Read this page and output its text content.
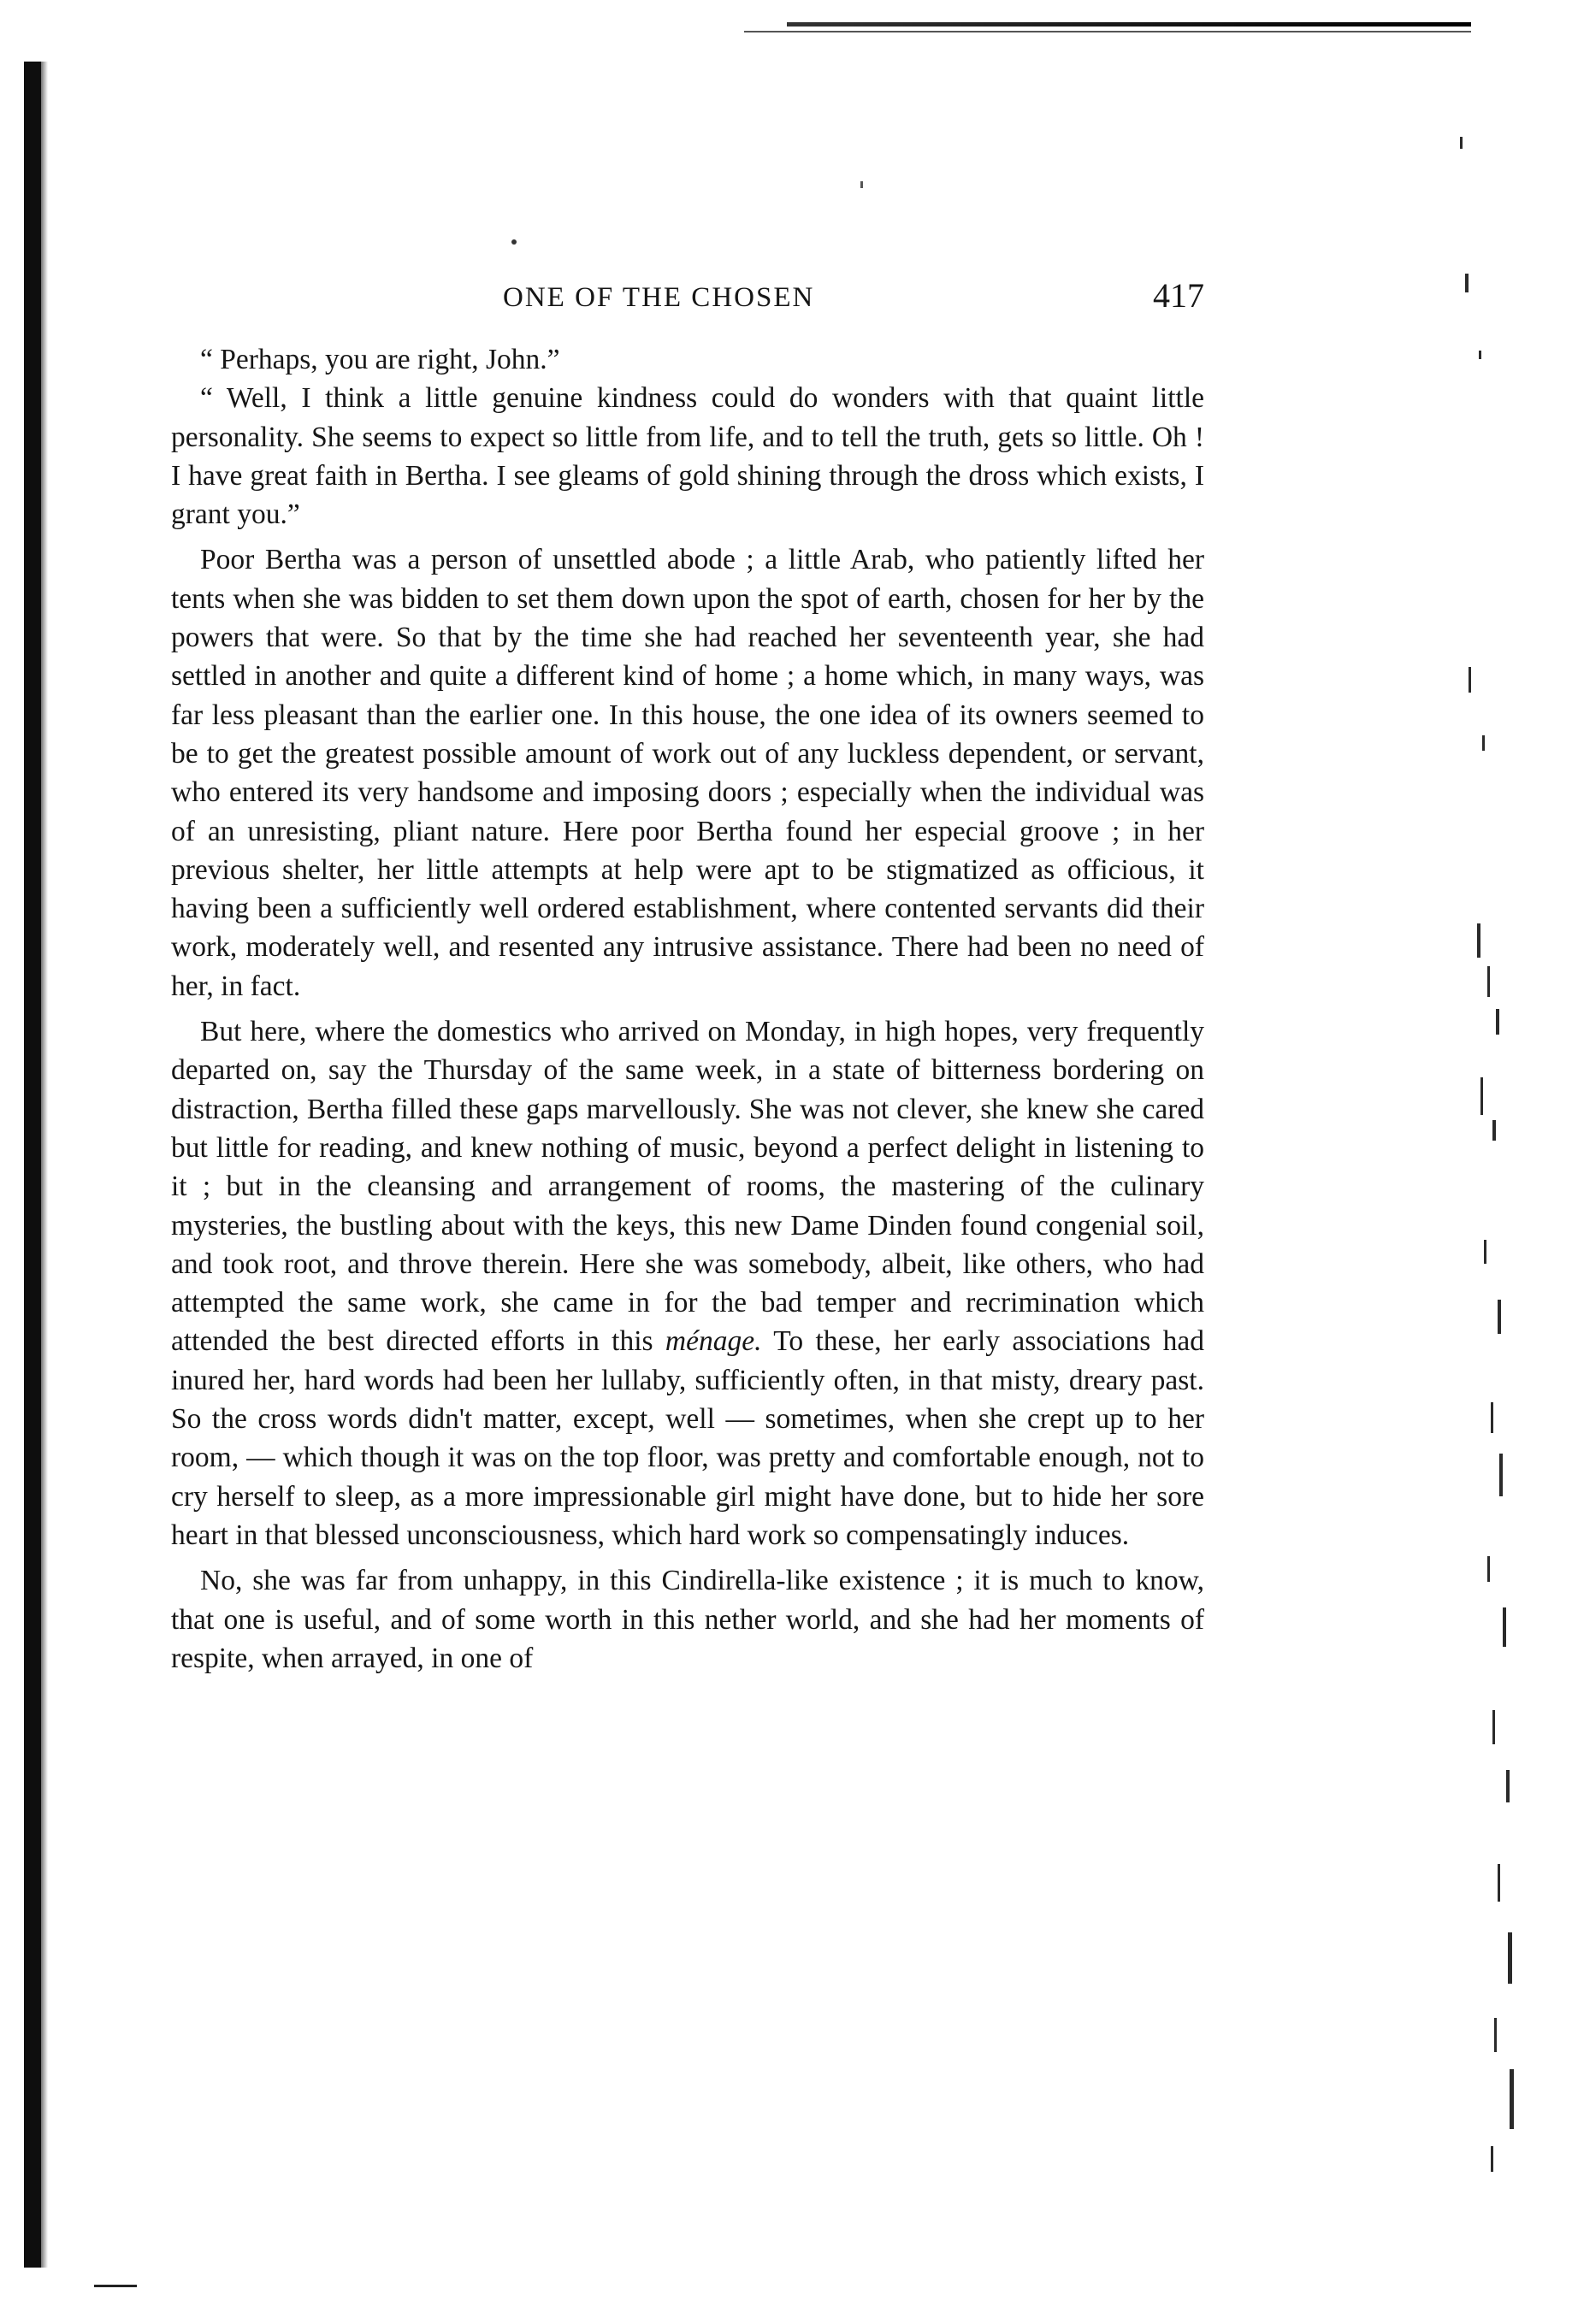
ONE OF THE CHOSEN	417

“ Perhaps, you are right, John.”

“ Well, I think a little genuine kindness could do wonders with that quaint little personality. She seems to expect so little from life, and to tell the truth, gets so little. Oh ! I have great faith in Bertha. I see gleams of gold shining through the dross which exists, I grant you.”

Poor Bertha was a person of unsettled abode ; a little Arab, who patiently lifted her tents when she was bidden to set them down upon the spot of earth, chosen for her by the powers that were. So that by the time she had reached her seventeenth year, she had settled in another and quite a different kind of home ; a home which, in many ways, was far less pleasant than the earlier one. In this house, the one idea of its owners seemed to be to get the greatest possible amount of work out of any luckless dependent, or servant, who entered its very handsome and imposing doors ; especially when the individual was of an unresisting, pliant nature. Here poor Bertha found her especial groove ; in her previous shelter, her little attempts at help were apt to be stigmatized as officious, it having been a sufficiently well ordered establishment, where contented servants did their work, moderately well, and resented any intrusive assistance. There had been no need of her, in fact.

But here, where the domestics who arrived on Monday, in high hopes, very frequently departed on, say the Thursday of the same week, in a state of bitterness bordering on distraction, Bertha filled these gaps marvellously. She was not clever, she knew she cared but little for reading, and knew nothing of music, beyond a perfect delight in listening to it ; but in the cleansing and arrangement of rooms, the mastering of the culinary mysteries, the bustling about with the keys, this new Dame Dinden found congenial soil, and took root, and throve therein. Here she was somebody, albeit, like others, who had attempted the same work, she came in for the bad temper and recrimination which attended the best directed efforts in this ménage. To these, her early associations had inured her, hard words had been her lullaby, sufficiently often, in that misty, dreary past. So the cross words didn't matter, except, well — sometimes, when she crept up to her room, — which though it was on the top floor, was pretty and comfortable enough, not to cry herself to sleep, as a more impressionable girl might have done, but to hide her sore heart in that blessed unconsciousness, which hard work so compensatingly induces.

No, she was far from unhappy, in this Cindirella-like existence ; it is much to know, that one is useful, and of some worth in this nether world, and she had her moments of respite, when arrayed, in one of
